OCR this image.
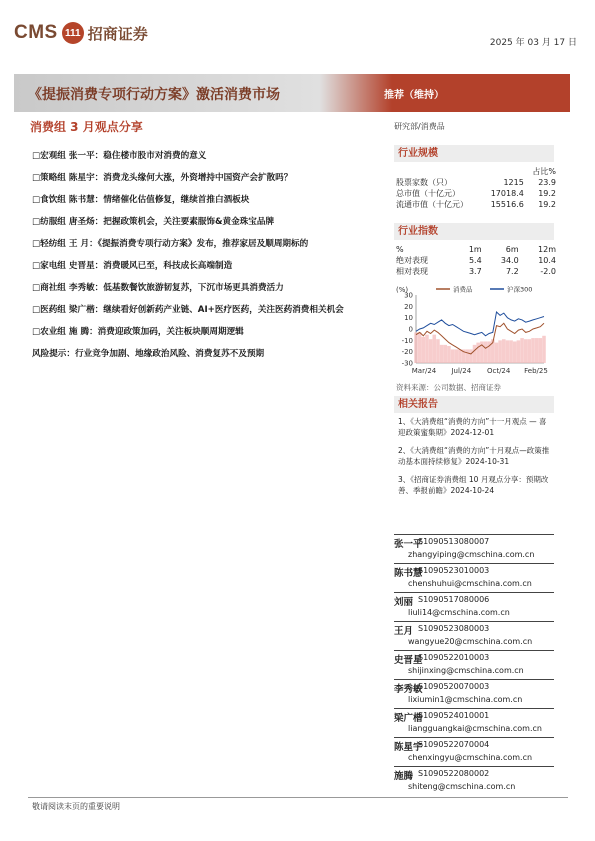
CMS 111 招商证券
2025 年 03 月 17 日
《提振消费专项行动方案》激活消费市场	推荐（维持）
消费组 3 月观点分享	研究部/消费品
□宏观组 张一平：稳住楼市股市对消费的意义
□策略组 陈星宇：消费龙头缘何大涨，外资增持中国资产会扩散吗？
□食饮组 陈书慧：情绪催化估值修复，继续首推白酒板块
□纺服组 唐圣炀：把握政策机会，关注要素服饰&黄金珠宝品牌
□轻纺组 王 月：《提振消费专项行动方案》发布，推荐家居及顺周期标的
□家电组 史晋星：消费暖风已至，科技成长高端制造
□商社组 李秀敏：低基数餐饮旅游韧复苏，下沉市场更具消费活力
□医药组 梁广楷：继续看好创新药产业链、AI+医疗医药，关注医药消费相关机会
□农业组 施 腾：消费迎政策加码，关注板块顺周期逻辑
风险提示：行业竞争加剧、地缘政治风险、消费复苏不及预期
行业规模
		占比%
股票家数（只）	1215	23.9
总市值（十亿元）	17018.4	19.2
流通市值（十亿元）	15516.6	19.2
行业指数
%	1m	6m	12m
绝对表现	5.4	34.0	10.4
相对表现	3.7	7.2	-2.0
(%)
30
20
10
0
-10
-20
-30
Mar/24 Jul/24 Oct/24 Feb/25
消费品	沪深300
资料来源：公司数据、招商证券
相关报告
1、《大消费组“消费的方向”十一月观点 — 喜迎政策蜜集期》2024-12-01
2、《大消费组“消费的方向”十月观点—政策推动基本面持续修复》2024-10-31
3、《招商证券消费组 10 月观点分享：预期改善、季报前瞻》2024-10-24
张一平
S1090513080007
zhangyiping@cmschina.com.cn
陈书慧
S1090523010003
chenshuhui@cmschina.com.cn
刘丽 S1090517080006
liuli14@cmschina.com.cn
王月 S1090523080003
wangyue20@cmschina.com.cn
史晋星
S1090522010003
shijinxing@cmschina.com.cn
李秀敏
S1090520070003
lixiumin1@cmschina.com.cn
梁广楷
S1090524010001
liangguangkai@cmschina.com.cn
陈星宇
S1090522070004
chenxingyu@cmschina.com.cn
施腾 S1090522080002
shiteng@cmschina.com.cn
敬请阅读末页的重要说明
